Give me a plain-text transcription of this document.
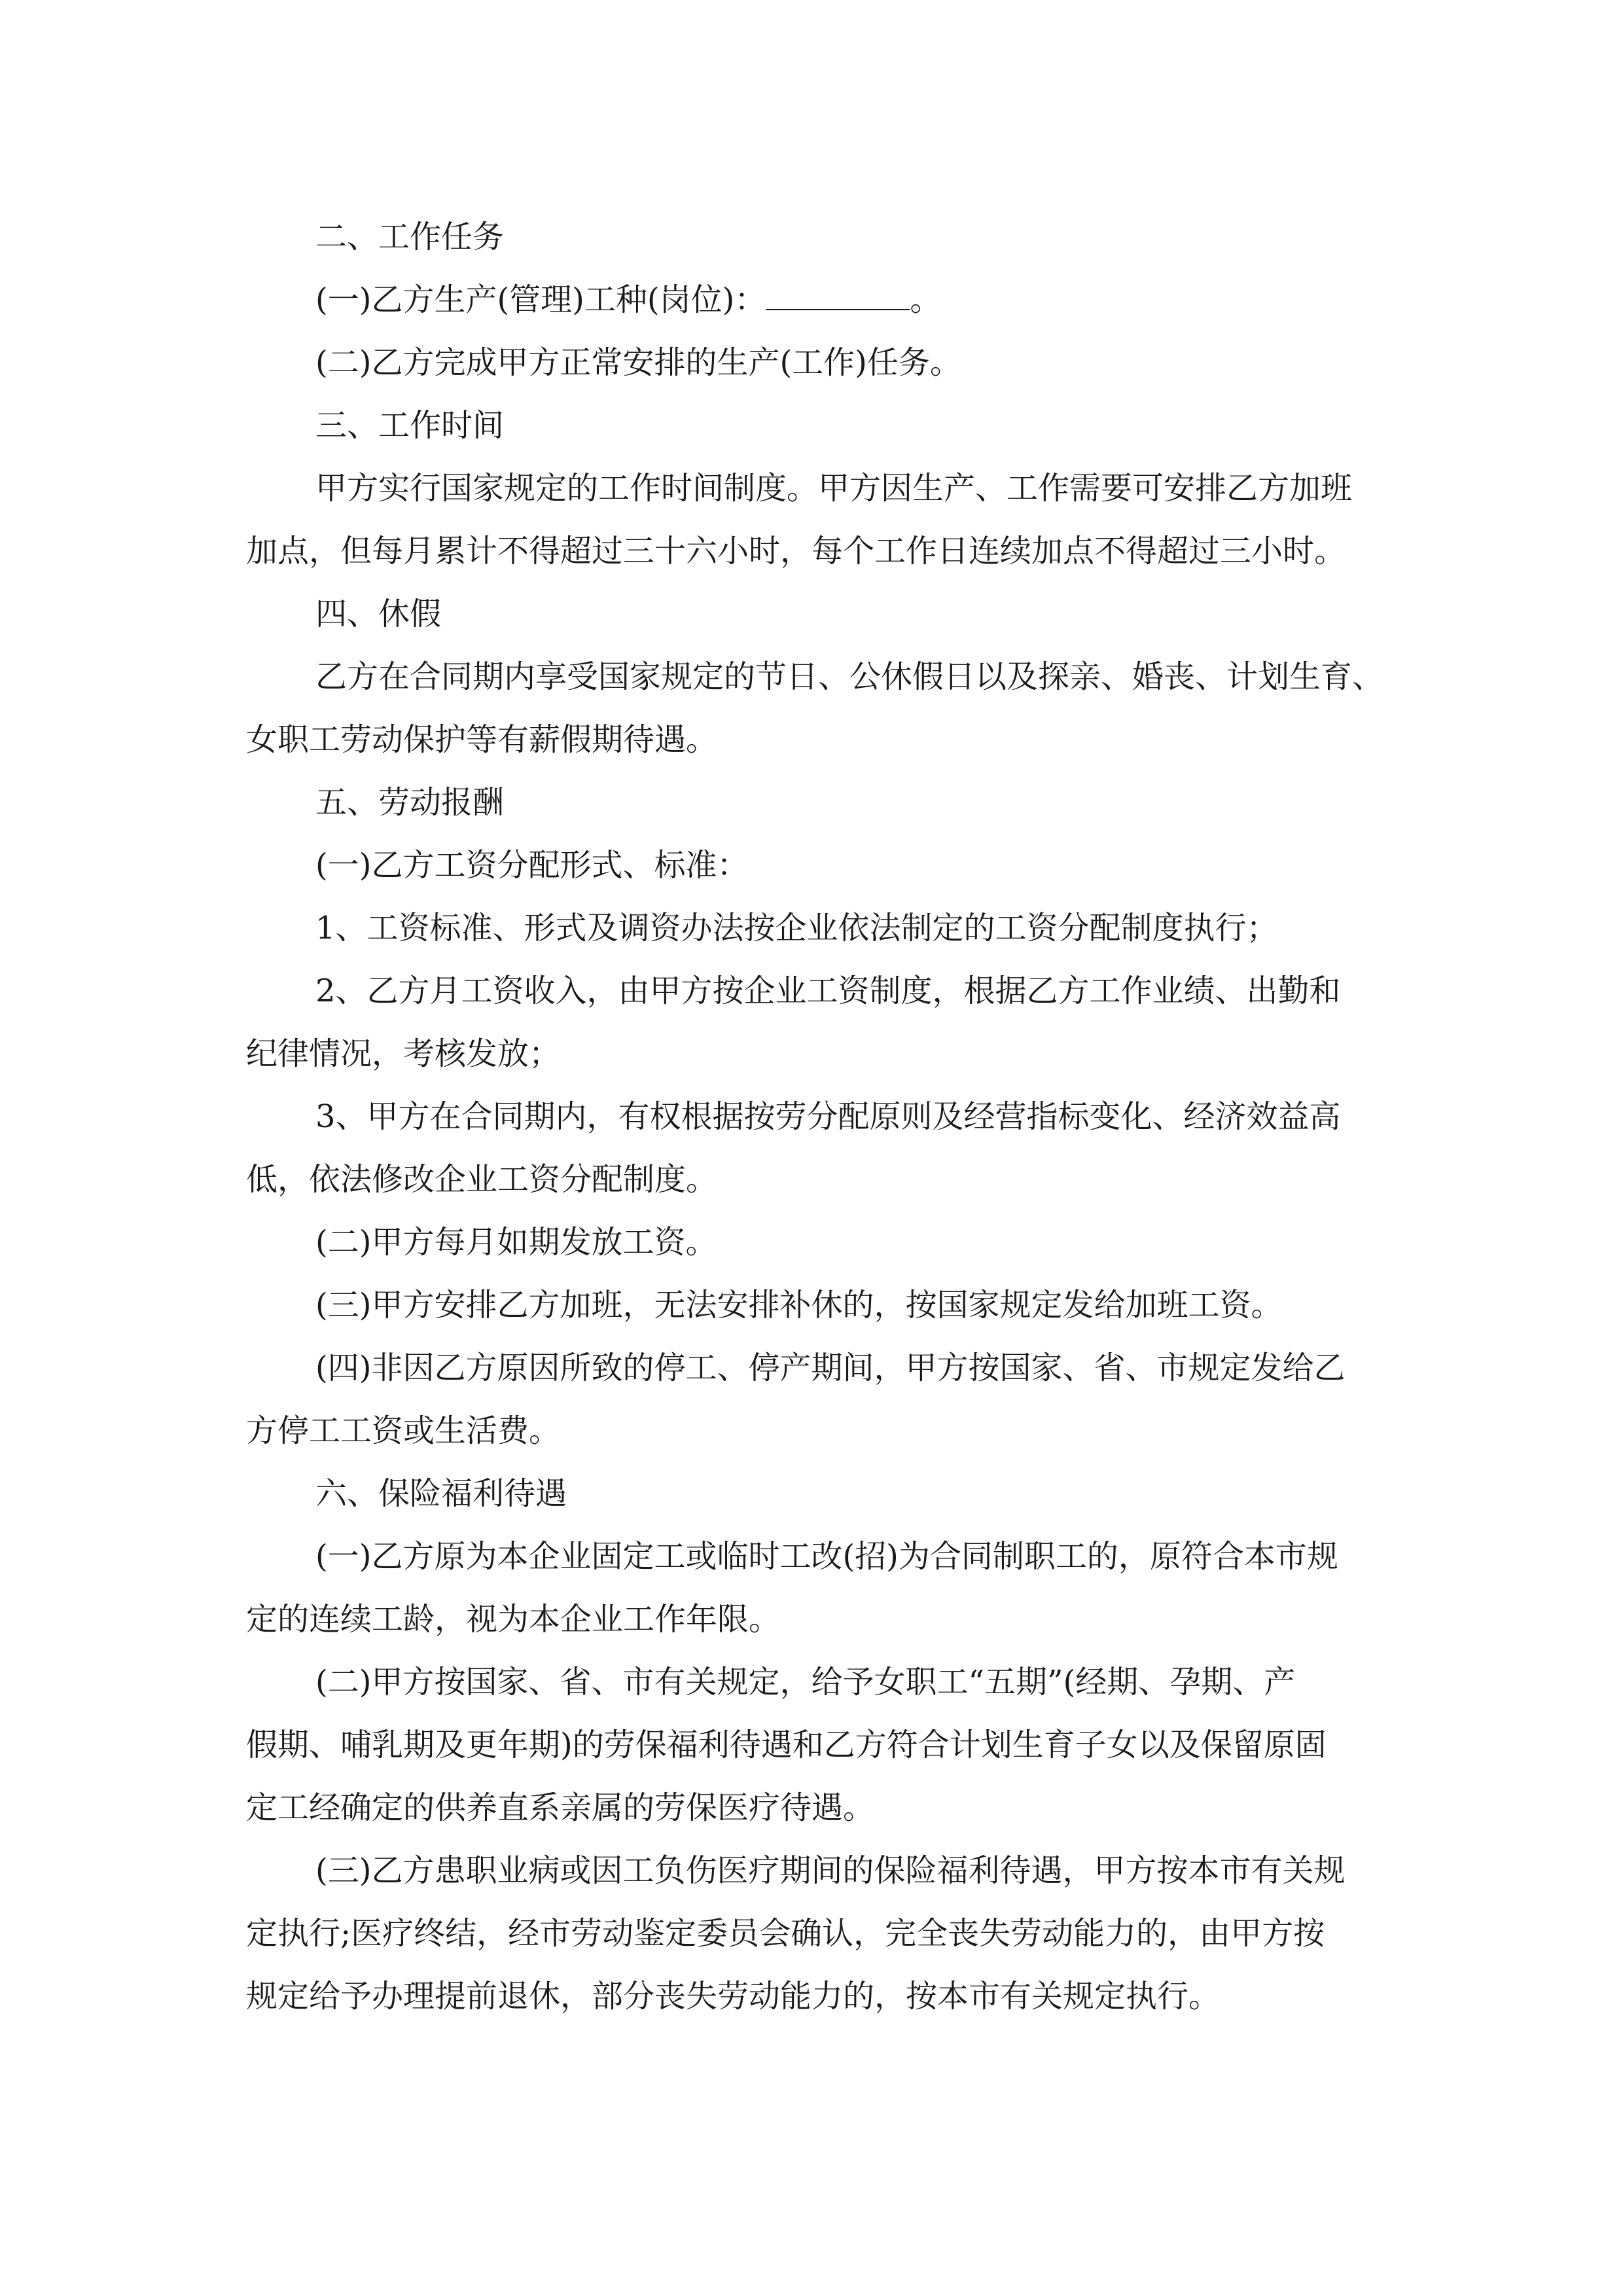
二、工作任务

(一)乙方生产(管理)工种(岗位)：	。

(二)乙方完成甲方正常安排的生产(工作)任务。

三、工作时间

甲方实行国家规定的工作时间制度。甲方因生产、工作需要可安排乙方加班

加点，但每月累计不得超过三十六小时，每个工作日连续加点不得超过三小时。

四、休假

乙方在合同期内享受国家规定的节日、公休假日以及探亲、婚丧、计划生育、

女职工劳动保护等有薪假期待遇。

五、劳动报酬

(一)乙方工资分配形式、标准：

1、工资标准、形式及调资办法按企业依法制定的工资分配制度执行；

2、乙方月工资收入，由甲方按企业工资制度，根据乙方工作业绩、出勤和

纪律情况，考核发放；

3、甲方在合同期内，有权根据按劳分配原则及经营指标变化、经济效益高

低，依法修改企业工资分配制度。

(二)甲方每月如期发放工资。

(三)甲方安排乙方加班，无法安排补休的，按国家规定发给加班工资。

(四)非因乙方原因所致的停工、停产期间，甲方按国家、省、市规定发给乙

方停工工资或生活费。

六、保险福利待遇

(一)乙方原为本企业固定工或临时工改(招)为合同制职工的，原符合本市规

定的连续工龄，视为本企业工作年限。

(二)甲方按国家、省、市有关规定，给予女职工“五期”(经期、孕期、产

假期、哺乳期及更年期)的劳保福利待遇和乙方符合计划生育子女以及保留原固

定工经确定的供养直系亲属的劳保医疗待遇。

(三)乙方患职业病或因工负伤医疗期间的保险福利待遇，甲方按本市有关规

定执行;医疗终结，经市劳动鉴定委员会确认，完全丧失劳动能力的，由甲方按

规定给予办理提前退休，部分丧失劳动能力的，按本市有关规定执行。
